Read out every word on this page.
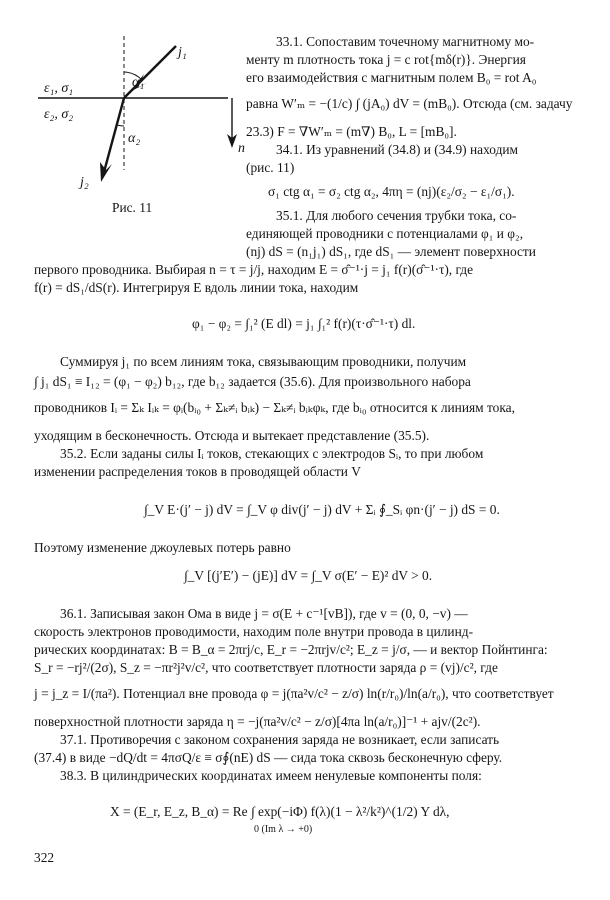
j₁
α₁
ε₁, σ₁
ε₂, σ₂
α₂
n
j₂
Рис. 11
33.1. Сопоставим точечному магнитному мо-
менту m плотность тока j = c rot{mδ(r)}. Энергия
его взаимодействия с магнитным полем B₀ = rot A₀
равна W′ₘ = −(1/c) ∫ (jA₀) dV = (mB₀). Отсюда (см. задачу
23.3) F = ∇W′ₘ = (m∇) B₀, L = [mB₀].
34.1. Из уравнений (34.8) и (34.9) находим
(рис. 11)
σ₁ ctg α₁ = σ₂ ctg α₂, 4πη = (nj)(ε₂/σ₂ − ε₁/σ₁).
35.1. Для любого сечения трубки тока, со-
единяющей проводники с потенциалами φ₁ и φ₂,
(nj) dS = (n₁j₁) dS₁, где dS₁ — элемент поверхности
первого проводника. Выбирая n = τ = j/j, находим E = σ̂⁻¹·j = j₁ f(r)(σ̂⁻¹·τ), где
f(r) = dS₁/dS(r). Интегрируя E вдоль линии тока, находим
φ₁ − φ₂ = ∫₁² (E dl) = j₁ ∫₁² f(r)(τ·σ̂⁻¹·τ) dl.
Суммируя j₁ по всем линиям тока, связывающим проводники, получим
∫ j₁ dS₁ ≡ I₁₂ = (φ₁ − φ₂) b₁₂, где b₁₂ задается (35.6). Для произвольного набора
проводников Iᵢ = Σₖ Iᵢₖ = φᵢ(bᵢ₀ + Σₖ≠ᵢ bᵢₖ) − Σₖ≠ᵢ bᵢₖφₖ, где bᵢ₀ относится к линиям тока,
уходящим в бесконечность. Отсюда и вытекает представление (35.5).
35.2. Если заданы силы Iᵢ токов, стекающих с электродов Sᵢ, то при любом
изменении распределения токов в проводящей области V
∫_V E·(j′ − j) dV = ∫_V φ div(j′ − j) dV + Σᵢ ∮_Sᵢ φn·(j′ − j) dS = 0.
Поэтому изменение джоулевых потерь равно
∫_V [(j′E′) − (jE)] dV = ∫_V σ(E′ − E)² dV > 0.
36.1. Записывая закон Ома в виде j = σ(E + c⁻¹[vB]), где v = (0, 0, −v) —
скорость электронов проводимости, находим поле внутри провода в цилинд-
рических координатах: B = B_α = 2πrj/c, E_r = −2πrjv/c²; E_z = j/σ, — и вектор Пойнтинга:
S_r = −rj²/(2σ), S_z = −πr²j²v/c², что соответствует плотности заряда ρ = (vj)/c², где
j = j_z = I/(πa²). Потенциал вне провода φ = j(πa²v/c² − z/σ) ln(r/r₀)/ln(a/r₀), что соответствует
поверхностной плотности заряда η = −j(πa²v/c² − z/σ)[4πa ln(a/r₀)]⁻¹ + ajv/(2c²).
37.1. Противоречия с законом сохранения заряда не возникает, если записать
(37.4) в виде −dQ/dt = 4πσQ/ε ≡ σ∮(nE) dS — сида тока сквозь бесконечную сферу.
38.3. В цилиндрических координатах имеем ненулевые компоненты поля:
X = (E_r, E_z, B_α) = Re ∫ exp(−iΦ) f(λ)(1 − λ²/k²)^(1/2) Y dλ,
0 (Im λ → +0)
322
